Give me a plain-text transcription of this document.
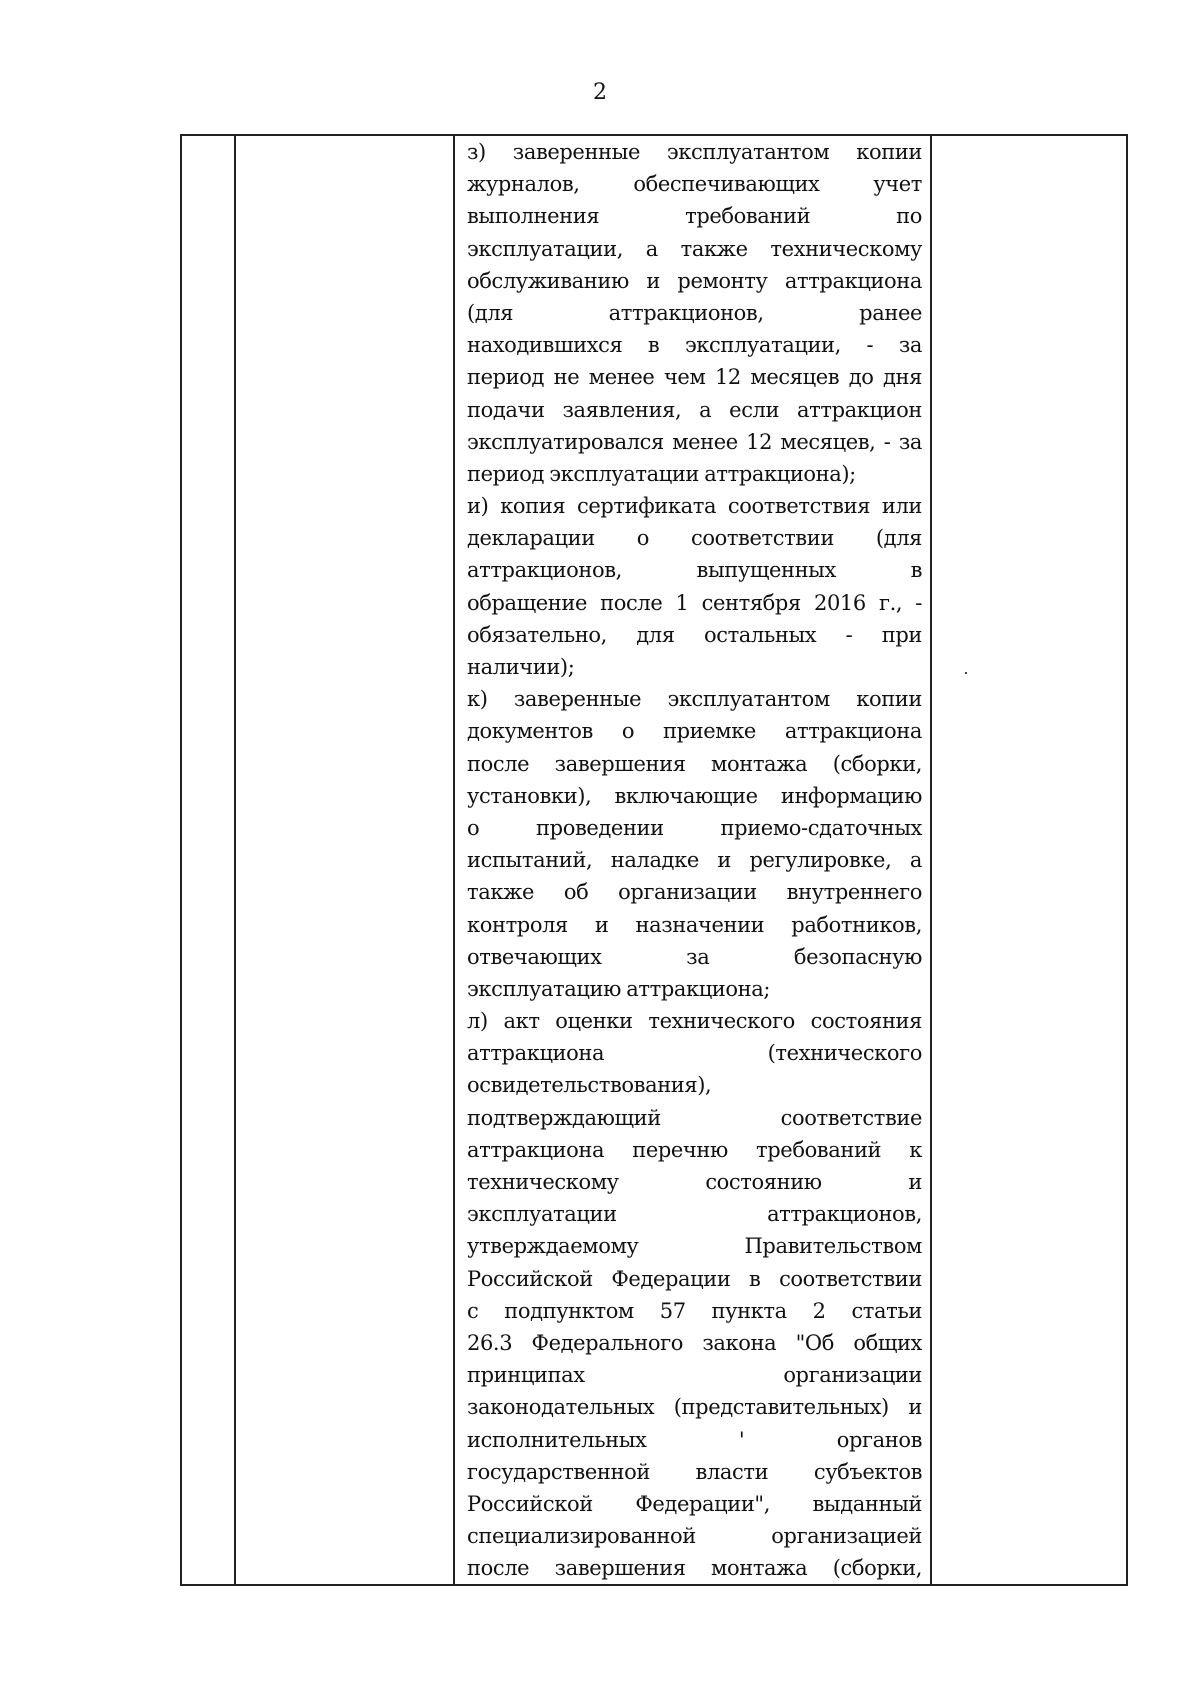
2

з) заверенные эксплуатантом копии
журналов, обеспечивающих учет
выполнения требований по
эксплуатации, а также техническому
обслуживанию и ремонту аттракциона
(для аттракционов, ранее
находившихся в эксплуатации, - за
период не менее чем 12 месяцев до дня
подачи заявления, а если аттракцион
эксплуатировался менее 12 месяцев, - за
период эксплуатации аттракциона);
и) копия сертификата соответствия или
декларации о соответствии (для
аттракционов, выпущенных в
обращение после 1 сентября 2016 г., -
обязательно, для остальных - при
наличии);
к) заверенные эксплуатантом копии
документов о приемке аттракциона
после завершения монтажа (сборки,
установки), включающие информацию
о проведении приемо-сдаточных
испытаний, наладке и регулировке, а
также об организации внутреннего
контроля и назначении работников,
отвечающих за безопасную
эксплуатацию аттракциона;
л) акт оценки технического состояния
аттракциона (технического
освидетельствования),
подтверждающий соответствие
аттракциона перечню требований к
техническому состоянию и
эксплуатации аттракционов,
утверждаемому Правительством
Российской Федерации в соответствии
с подпунктом 57 пункта 2 статьи
26.3 Федерального закона "Об общих
принципах организации
законодательных (представительных) и
исполнительных ' органов
государственной власти субъектов
Российской Федерации", выданный
специализированной организацией
после завершения монтажа (сборки,
